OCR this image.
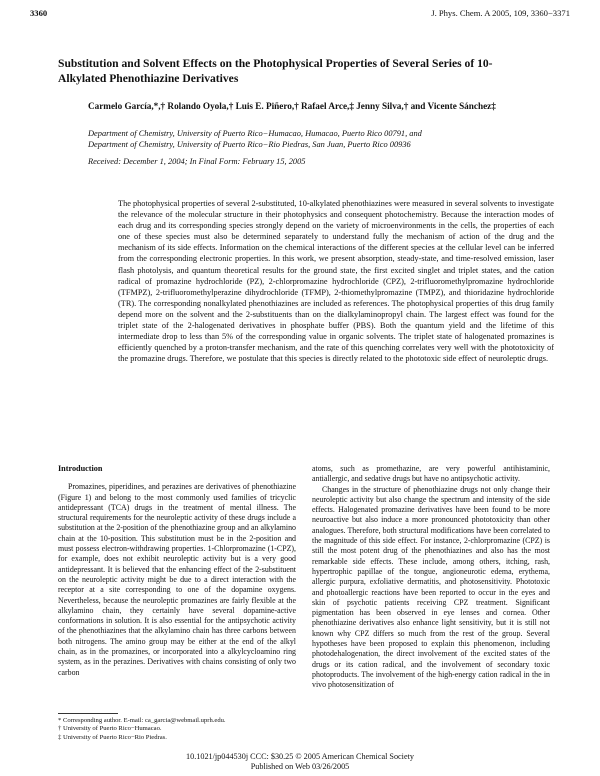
3360	J. Phys. Chem. A 2005, 109, 3360−3371
Substitution and Solvent Effects on the Photophysical Properties of Several Series of 10-Alkylated Phenothiazine Derivatives
Carmelo García,*,† Rolando Oyola,† Luis E. Piñero,† Rafael Arce,‡ Jenny Silva,† and Vicente Sánchez‡
Department of Chemistry, University of Puerto Rico−Humacao, Humacao, Puerto Rico 00791, and
Department of Chemistry, University of Puerto Rico−Rio Piedras, San Juan, Puerto Rico 00936
Received: December 1, 2004; In Final Form: February 15, 2005

The photophysical properties of several 2-substituted, 10-alkylated phenothiazines were measured in several solvents to investigate the relevance of the molecular structure in their photophysics and consequent photochemistry. Because the interaction modes of each drug and its corresponding species strongly depend on the variety of microenvironments in the cells, the properties of each one of these species must also be determined separately to understand fully the mechanism of action of the drug and the mechanism of its side effects. Information on the chemical interactions of the different species at the cellular level can be inferred from the corresponding electronic properties. In this work, we present absorption, steady-state, and time-resolved emission, laser flash photolysis, and quantum theoretical results for the ground state, the first excited singlet and triplet states, and the cation radical of promazine hydrochloride (PZ), 2-chlorpromazine hydrochloride (CPZ), 2-trifluoromethylpromazine hydrochloride (TFMPZ), 2-trifluoromethylperazine dihydrochloride (TFMP), 2-thiomethylpromazine (TMPZ), and thioridazine hydrochloride (TR). The corresponding nonalkylated phenothiazines are included as references. The photophysical properties of this drug family depend more on the solvent and the 2-substituents than on the dialkylaminopropyl chain. The largest effect was found for the triplet state of the 2-halogenated derivatives in phosphate buffer (PBS). Both the quantum yield and the lifetime of this intermediate drop to less than 5% of the corresponding value in organic solvents. The triplet state of halogenated promazines is efficiently quenched by a proton-transfer mechanism, and the rate of this quenching correlates very well with the phototoxicity of the promazine drugs. Therefore, we postulate that this species is directly related to the phototoxic side effect of neuroleptic drugs.

Introduction

Promazines, piperidines, and perazines are derivatives of phenothiazine (Figure 1) and belong to the most commonly used families of tricyclic antidepressant (TCA) drugs in the treatment of mental illness. The structural requirements for the neuroleptic activity of these drugs include a substitution at the 2-position of the phenothiazine group and an alkylamino chain at the 10-position. This substitution must be in the 2-position and must possess electron-withdrawing properties. 1-Chlorpromazine (1-CPZ), for example, does not exhibit neuroleptic activity but is a very good antidepressant. It is believed that the enhancing effect of the 2-substituent on the neuroleptic activity might be due to a direct interaction with the receptor at a site corresponding to one of the dopamine oxygens. Nevertheless, because the neuroleptic promazines are fairly flexible at the alkylamino chain, they certainly have several dopamine-active conformations in solution. It is also essential for the antipsychotic activity of the phenothiazines that the alkylamino chain has three carbons between both nitrogens. The amino group may be either at the end of the alkyl chain, as in the promazines, or incorporated into a alkylcycloamino ring system, as in the perazines. Derivatives with chains consisting of only two carbon

atoms, such as promethazine, are very powerful antihistaminic, antiallergic, and sedative drugs but have no antipsychotic activity.

Changes in the structure of phenothiazine drugs not only change their neuroleptic activity but also change the spectrum and intensity of the side effects. Halogenated promazine derivatives have been found to be more neuroactive but also induce a more pronounced phototoxicity than other analogues. Therefore, both structural modifications have been correlated to the magnitude of this side effect. For instance, 2-chlorpromazine (CPZ) is still the most potent drug of the phenothiazines and also has the most remarkable side effects. These include, among others, itching, rash, hypertrophic papillae of the tongue, angioneurotic edema, erythema, allergic purpura, exfoliative dermatitis, and photosensitivity. Phototoxic and photoallergic reactions have been reported to occur in the eyes and skin of psychotic patients receiving CPZ treatment. Significant pigmentation has been observed in eye lenses and cornea. Other phenothiazine derivatives also enhance light sensitivity, but it is still not known why CPZ differs so much from the rest of the group. Several hypotheses have been proposed to explain this phenomenon, including photodehalogenation, the direct involvement of the excited states of the drugs or its cation radical, and the involvement of secondary toxic photoproducts. The involvement of the high-energy cation radical in the in vivo photosensitization of

* Corresponding author. E-mail: ca_garcia@webmail.uprh.edu.
† University of Puerto Rico−Humacao.
‡ University of Puerto Rico−Rio Piedras.
10.1021/jp044530j CCC: $30.25 © 2005 American Chemical Society
Published on Web 03/26/2005
